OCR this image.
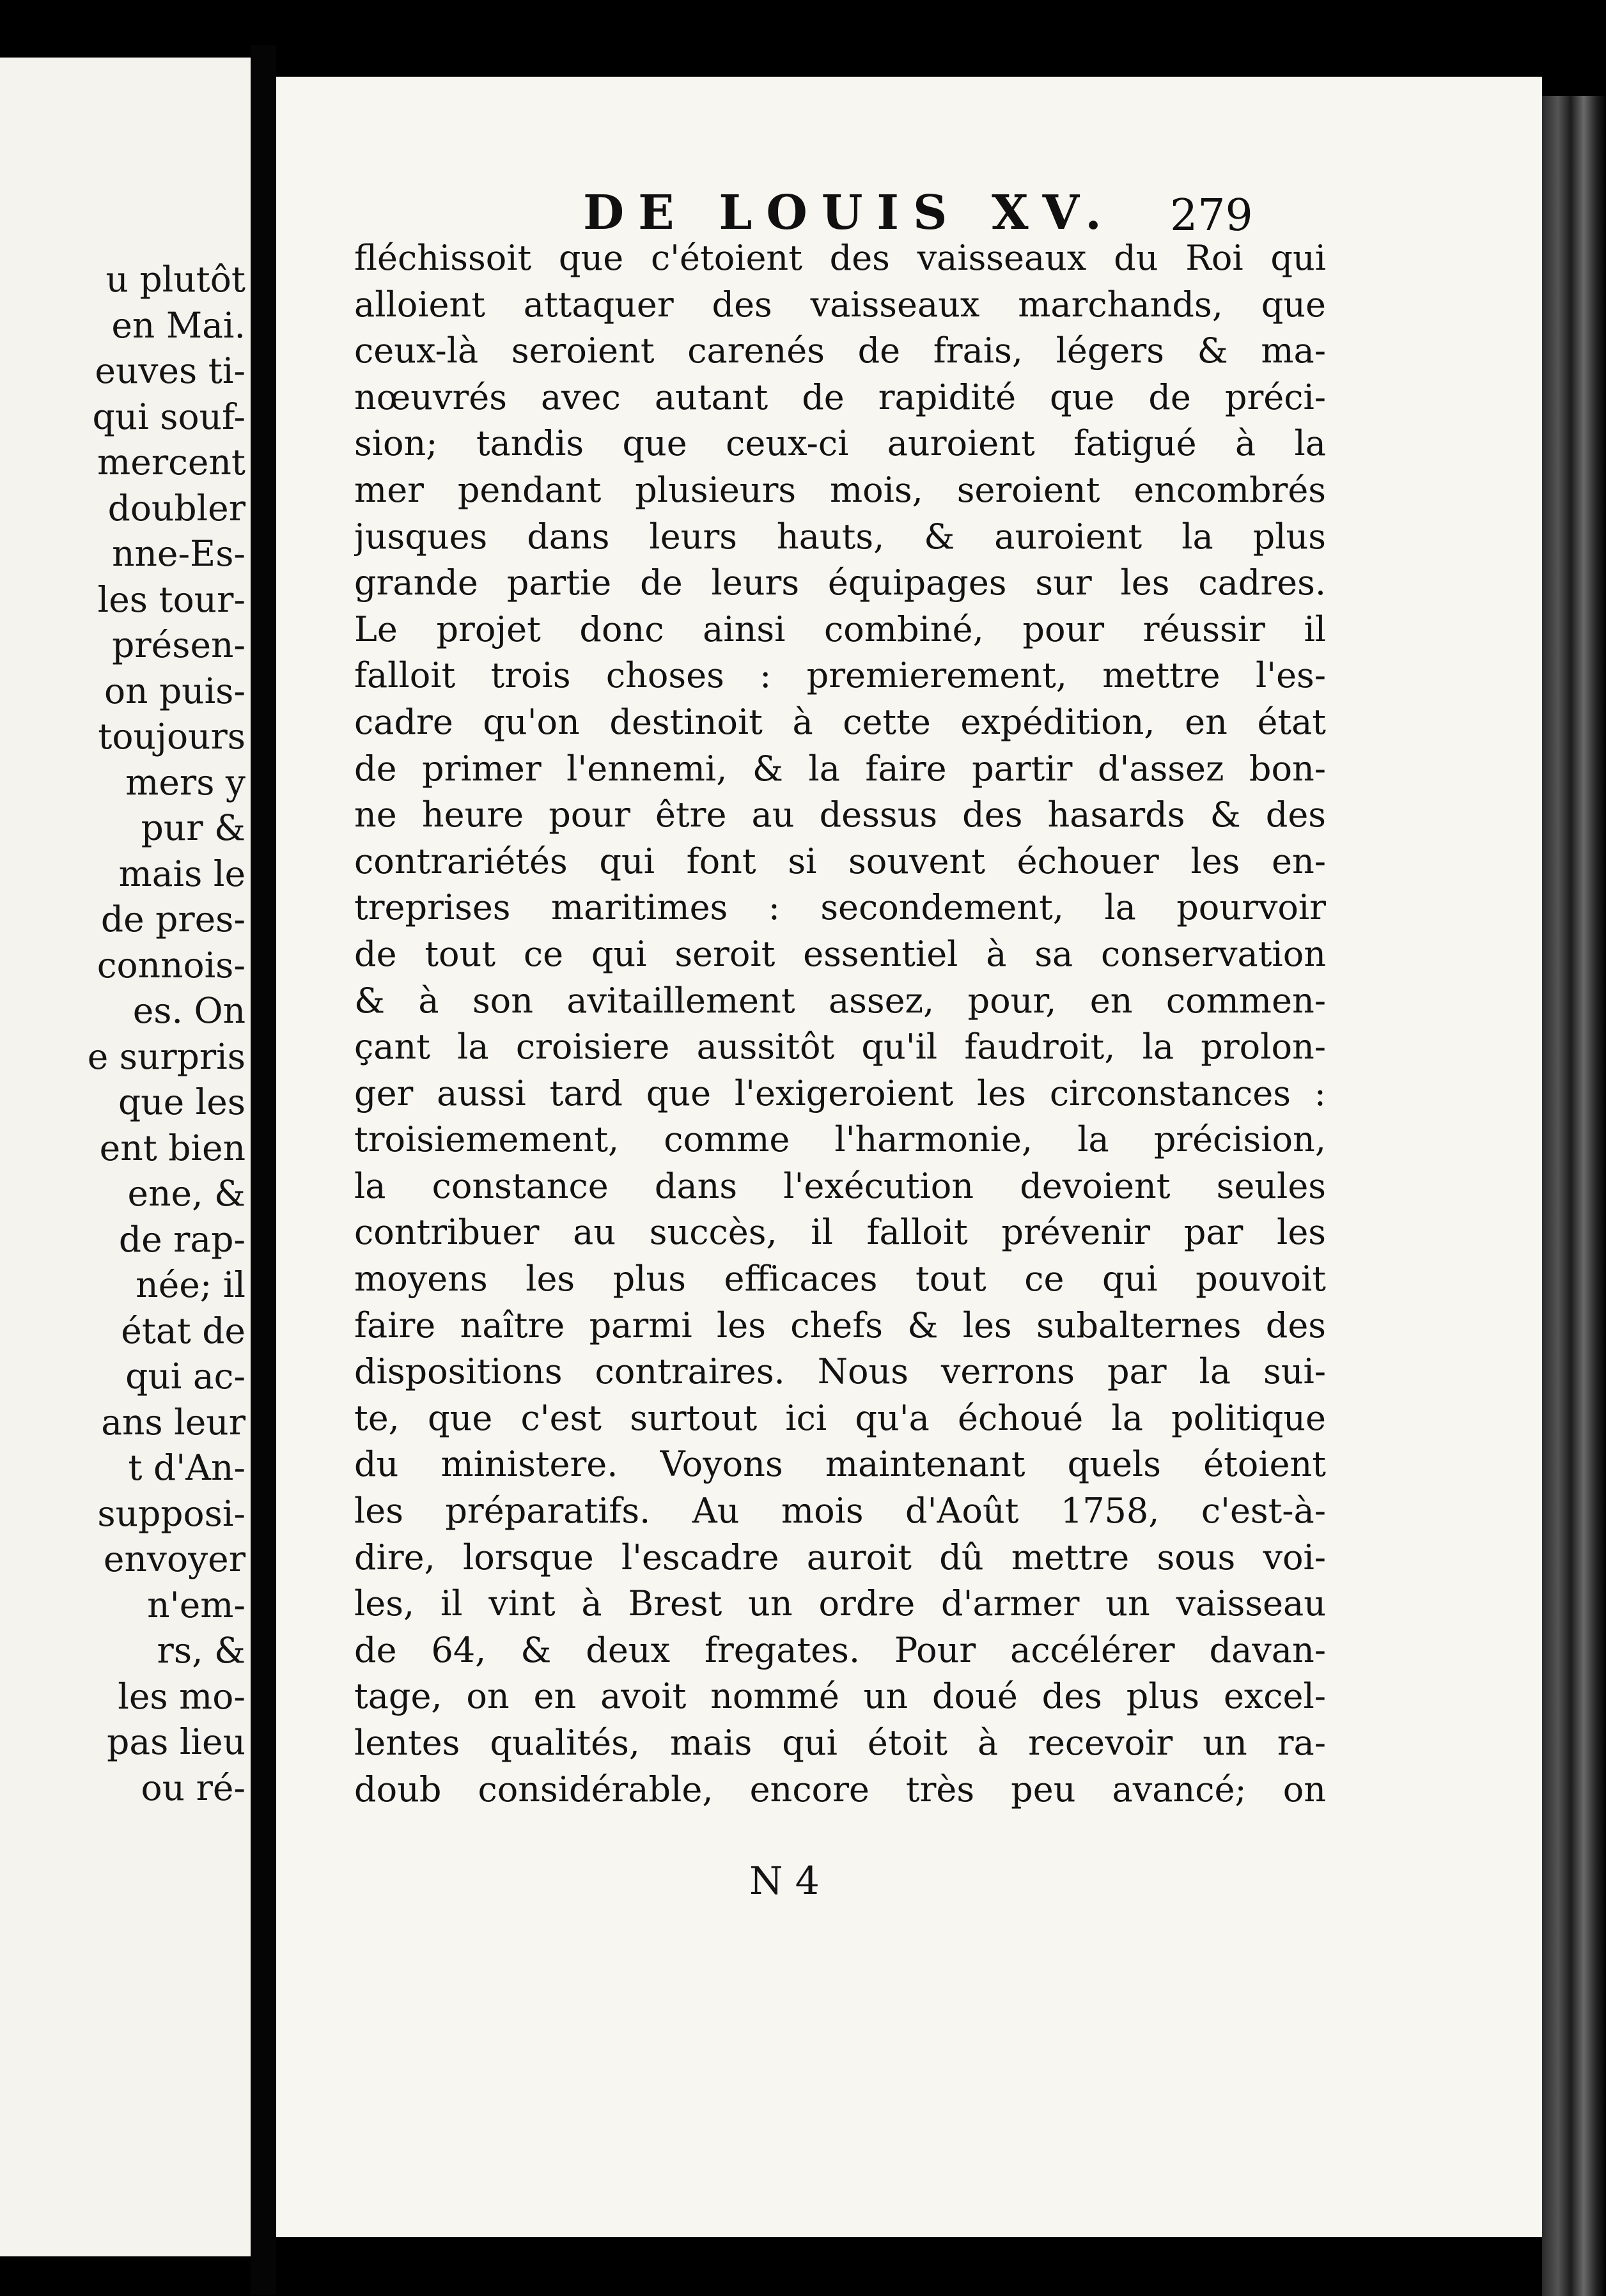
u plutôt
en Mai.
euves ti-
qui souf-
mercent
doubler
nne-Es-
les tour-
présen-
on puis-
toujours
mers y
pur &
mais le
de pres-
connois-
es. On
e surpris
que les
ent bien
ene, &
de rap-
née; il
état de
qui ac-
ans leur
t d'An-
supposi-
envoyer
n'em-
rs, &
les mo-
pas lieu
ou ré-
DE LOUIS XV. 279
fléchissoit que c'étoient des vaisseaux du Roi qui
alloient attaquer des vaisseaux marchands, que
ceux-là seroient carenés de frais, légers & ma-
nœuvrés avec autant de rapidité que de préci-
sion; tandis que ceux-ci auroient fatigué à la
mer pendant plusieurs mois, seroient encombrés
jusques dans leurs hauts, & auroient la plus
grande partie de leurs équipages sur les cadres.
Le projet donc ainsi combiné, pour réussir il
falloit trois choses : premierement, mettre l'es-
cadre qu'on destinoit à cette expédition, en état
de primer l'ennemi, & la faire partir d'assez bon-
ne heure pour être au dessus des hasards & des
contrariétés qui font si souvent échouer les en-
treprises maritimes : secondement, la pourvoir
de tout ce qui seroit essentiel à sa conservation
& à son avitaillement assez, pour, en commen-
çant la croisiere aussitôt qu'il faudroit, la prolon-
ger aussi tard que l'exigeroient les circonstances :
troisiemement, comme l'harmonie, la précision,
la constance dans l'exécution devoient seules
contribuer au succès, il falloit prévenir par les
moyens les plus efficaces tout ce qui pouvoit
faire naître parmi les chefs & les subalternes des
dispositions contraires. Nous verrons par la sui-
te, que c'est surtout ici qu'a échoué la politique
du ministere. Voyons maintenant quels étoient
les préparatifs. Au mois d'Août 1758, c'est-à-
dire, lorsque l'escadre auroit dû mettre sous voi-
les, il vint à Brest un ordre d'armer un vaisseau
de 64, & deux fregates. Pour accélérer davan-
tage, on en avoit nommé un doué des plus excel-
lentes qualités, mais qui étoit à recevoir un ra-
doub considérable, encore très peu avancé; on
N 4
